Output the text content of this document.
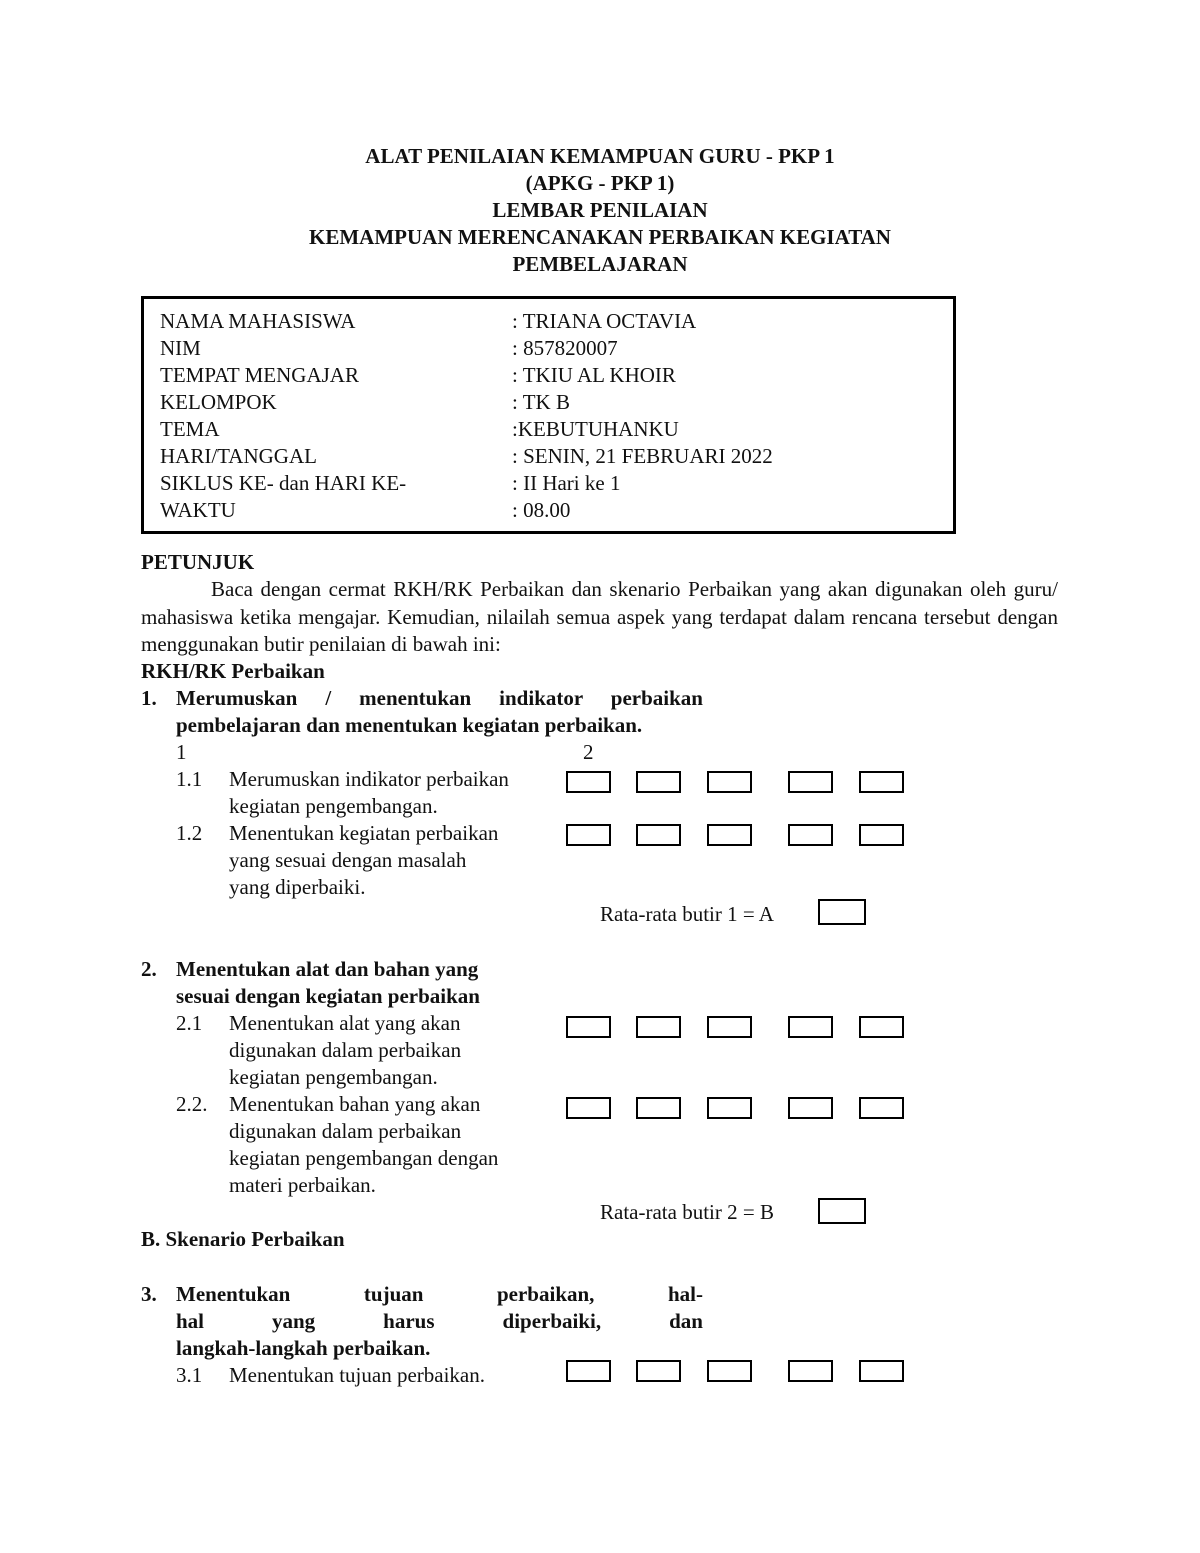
ALAT PENILAIAN KEMAMPUAN GURU - PKP 1
(APKG - PKP 1)
LEMBAR PENILAIAN
KEMAMPUAN MERENCANAKAN PERBAIKAN KEGIATAN
PEMBELAJARAN
NAMA MAHASISWA	: TRIANA OCTAVIA
NIM	: 857820007
TEMPAT MENGAJAR	: TKIU AL KHOIR
KELOMPOK	: TK B
TEMA	:KEBUTUHANKU
HARI/TANGGAL	: SENIN, 21 FEBRUARI 2022
SIKLUS KE- dan HARI KE-	: II Hari ke 1
WAKTU	: 08.00
PETUNJUK
Baca dengan cermat RKH/RK Perbaikan dan skenario Perbaikan yang akan digunakan oleh guru/ mahasiswa ketika mengajar. Kemudian, nilailah semua aspek yang terdapat dalam rencana tersebut dengan menggunakan butir penilaian di bawah ini:
RKH/RK Perbaikan
1. Merumuskan / menentukan indikator perbaikan
pembelajaran dan menentukan kegiatan perbaikan.
1	2
1.1 Merumuskan indikator perbaikan
kegiatan pengembangan.
1.2 Menentukan kegiatan perbaikan
yang sesuai dengan masalah
yang diperbaiki.
Rata-rata butir 1 = A
2. Menentukan alat dan bahan yang
sesuai dengan kegiatan perbaikan
2.1 Menentukan alat yang akan
digunakan dalam perbaikan
kegiatan pengembangan.
2.2. Menentukan bahan yang akan
digunakan dalam perbaikan
kegiatan pengembangan dengan
materi perbaikan.
Rata-rata butir 2 = B
B. Skenario Perbaikan
3. Menentukan	tujuan	perbaikan,	hal-
hal	yang	harus	diperbaiki,	dan
langkah-langkah perbaikan.
3.1 Menentukan tujuan perbaikan.
